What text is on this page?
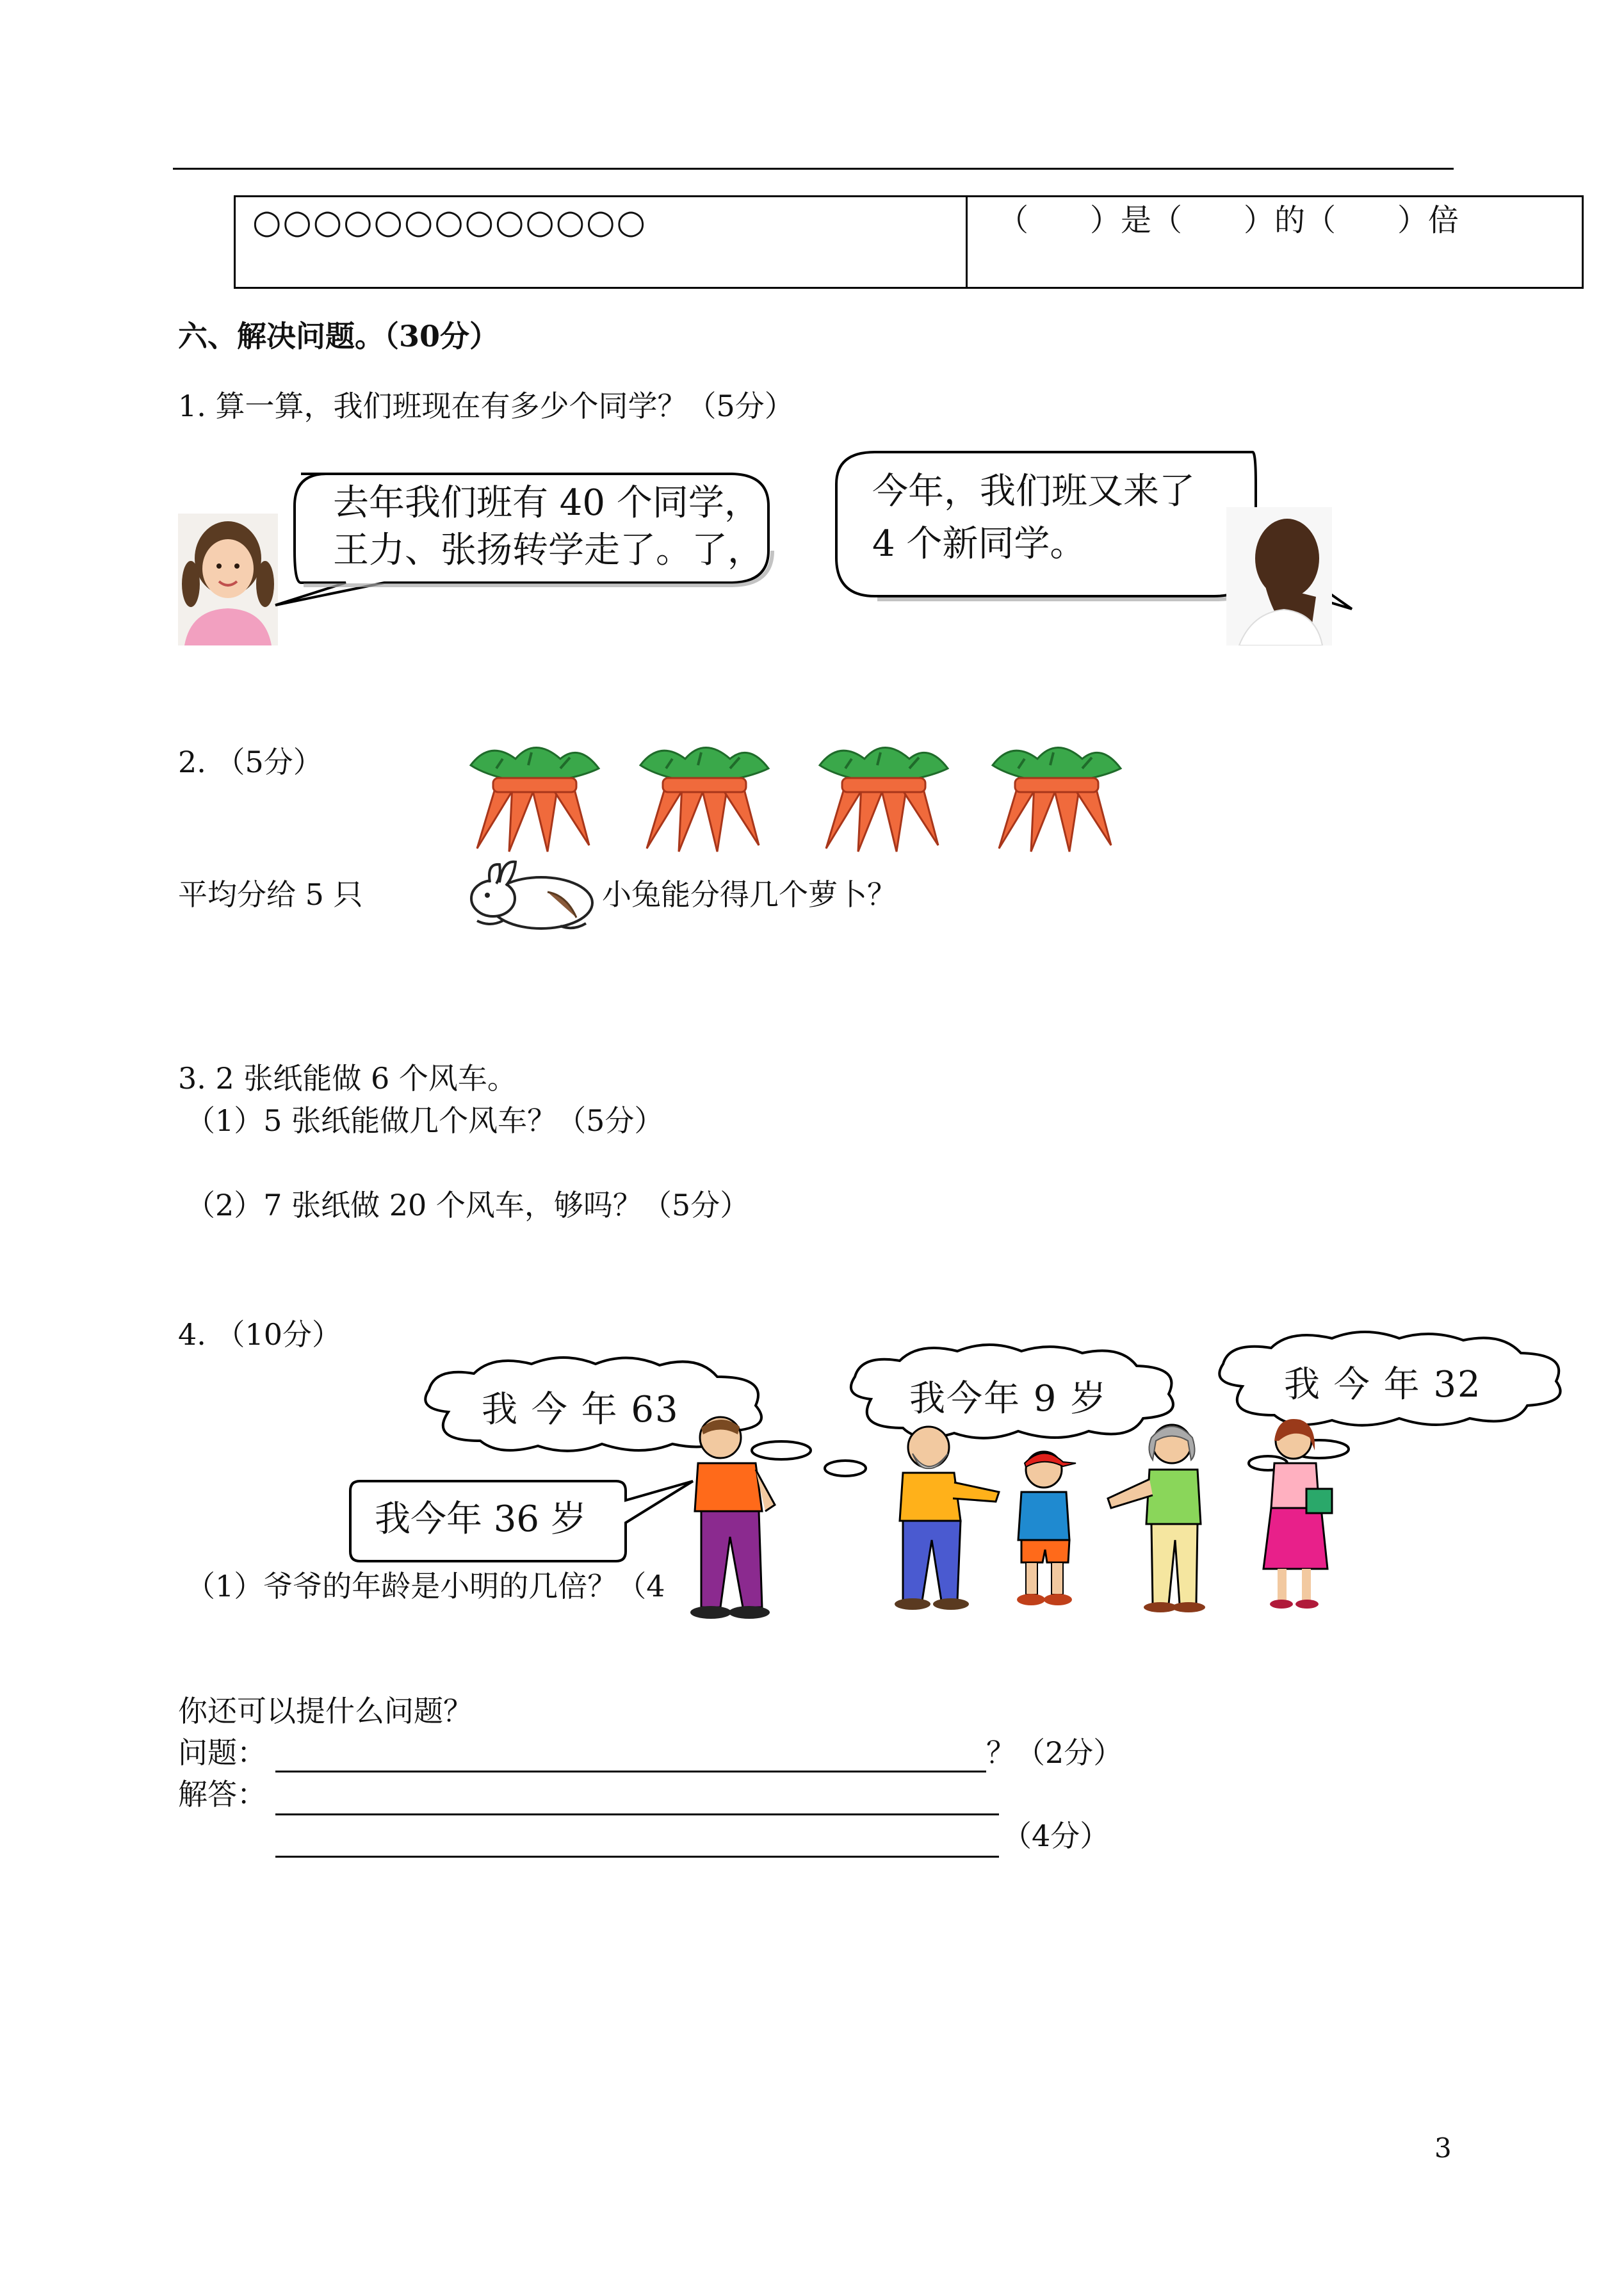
○○○○○○○○○○○○○	（　　）是（　　）的（　　）倍
六、解决问题。（30分）
1. 算一算，我们班现在有多少个同学？（5分）
去年我们班有 40 个同学，
王力、张扬转学走了。了，
今年，我们班又来了
4 个新同学。
2. （5分）
平均分给 5 只	小兔能分得几个萝卜？
3. 2 张纸能做 6 个风车。
（1）5 张纸能做几个风车？（5分）
（2）7 张纸做 20 个风车，够吗？（5分）
4. （10分）
我 今 年 63	我今年 9 岁	我 今 年 32
我今年 36 岁
（1）爷爷的年龄是小明的几倍？（4
你还可以提什么问题？
问题：	？（2分）
解答：
（4分）
3
